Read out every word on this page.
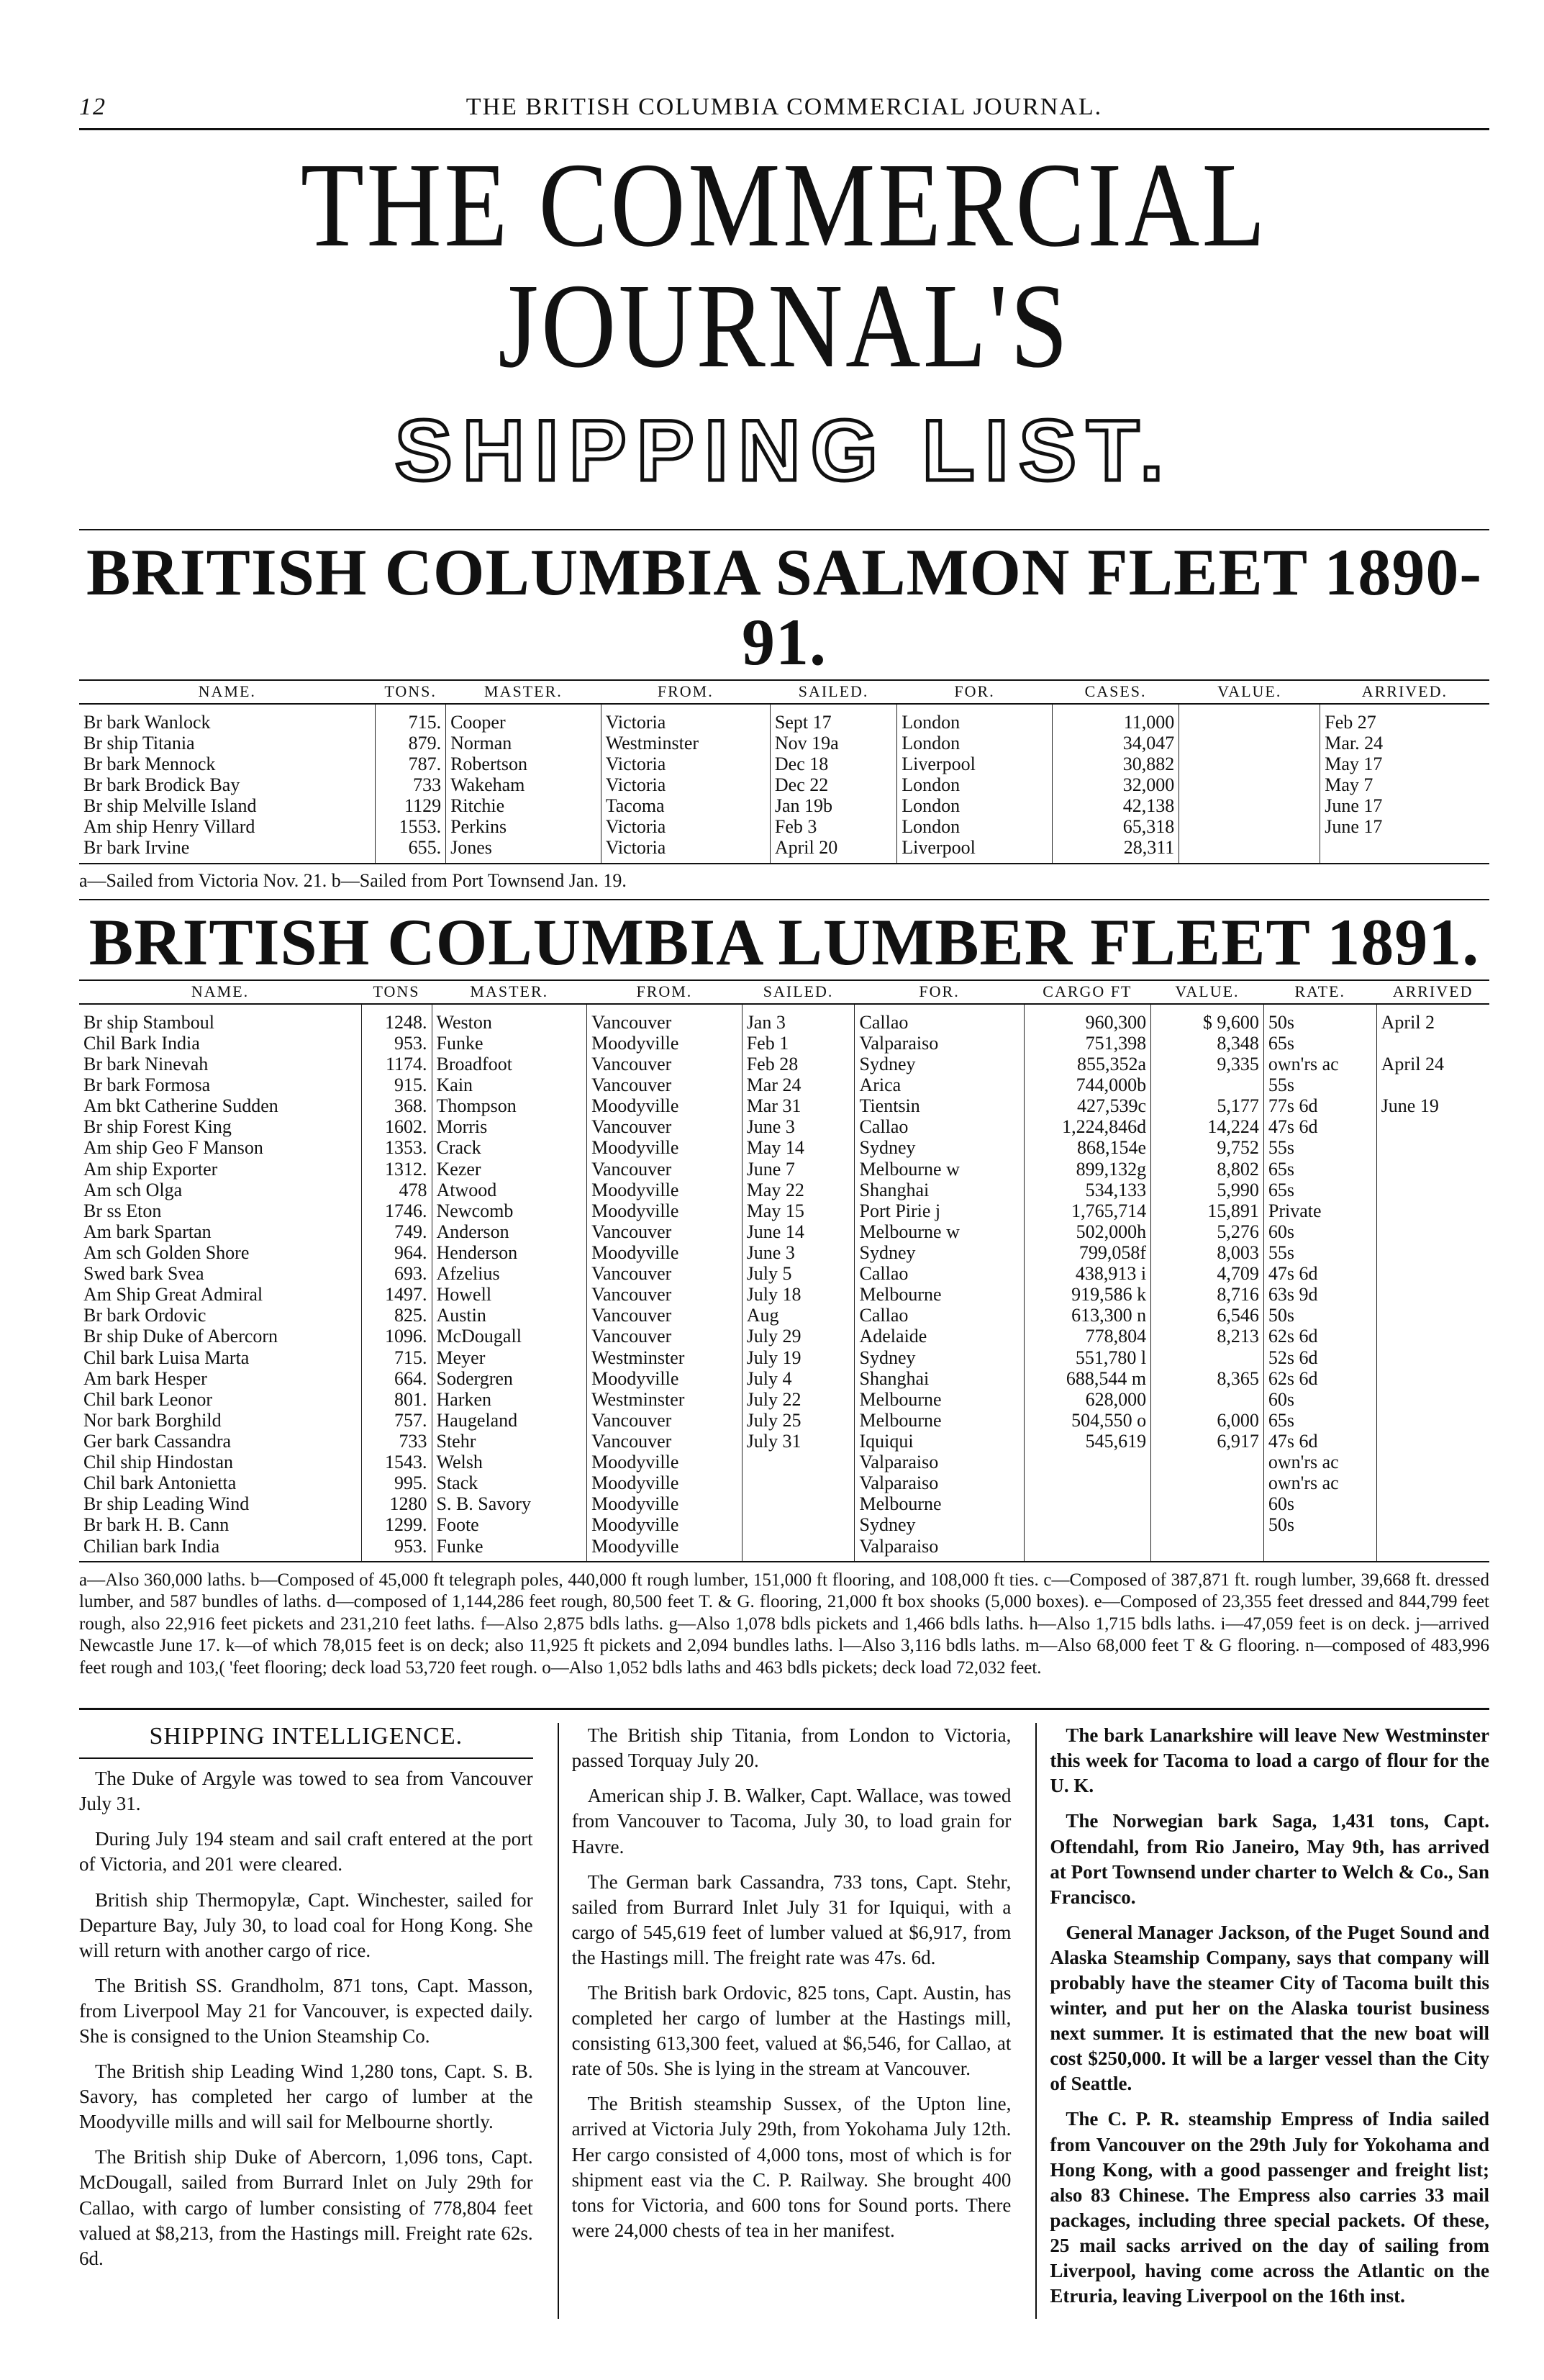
12	THE BRITISH COLUMBIA COMMERCIAL JOURNAL.
THE COMMERCIAL JOURNAL'S
SHIPPING LIST.
BRITISH COLUMBIA SALMON FLEET 1890-91.
NAME.	TONS.	MASTER.	FROM.	SAILED.	FOR.	CASES.	VALUE.	ARRIVED.
Br bark Wanlock	715.	Cooper	Victoria	Sept 17	London	11,000		Feb 27
Br ship Titania	879.	Norman	Westminster	Nov 19a	London	34,047		Mar. 24
Br bark Mennock	787.	Robertson	Victoria	Dec 18	Liverpool	30,882		May 17
Br bark Brodick Bay	733	Wakeham	Victoria	Dec 22	London	32,000		May 7
Br ship Melville Island	1129	Ritchie	Tacoma	Jan 19b	London	42,138		June 17
Am ship Henry Villard	1553.	Perkins	Victoria	Feb 3	London	65,318		June 17
Br bark Irvine	655.	Jones	Victoria	April 20	Liverpool	28,311		
a—Sailed from Victoria Nov. 21. b—Sailed from Port Townsend Jan. 19.
BRITISH COLUMBIA LUMBER FLEET 1891.
NAME.	TONS	MASTER.	FROM.	SAILED.	FOR.	CARGO FT	VALUE.	RATE.	ARRIVED
Br ship Stamboul	1248.	Weston	Vancouver	Jan 3	Callao	960,300	$ 9,600	50s	April 2
Chil Bark India	953.	Funke	Moodyville	Feb 1	Valparaiso	751,398	8,348	65s	
Br bark Ninevah	1174.	Broadfoot	Vancouver	Feb 28	Sydney	855,352a	9,335	own'rs ac	April 24
Br bark Formosa	915.	Kain	Vancouver	Mar 24	Arica	744,000b		55s	
Am bkt Catherine Sudden	368.	Thompson	Moodyville	Mar 31	Tientsin	427,539c	5,177	77s 6d	June 19
Br ship Forest King	1602.	Morris	Vancouver	June 3	Callao	1,224,846d	14,224	47s 6d	
Am ship Geo F Manson	1353.	Crack	Moodyville	May 14	Sydney	868,154e	9,752	55s	
Am ship Exporter	1312.	Kezer	Vancouver	June 7	Melbourne w	899,132g	8,802	65s	
Am sch Olga	478	Atwood	Moodyville	May 22	Shanghai	534,133	5,990	65s	
Br ss Eton	1746.	Newcomb	Moodyville	May 15	Port Pirie j	1,765,714	15,891	Private	
Am bark Spartan	749.	Anderson	Vancouver	June 14	Melbourne w	502,000h	5,276	60s	
Am sch Golden Shore	964.	Henderson	Moodyville	June 3	Sydney	799,058f	8,003	55s	
Swed bark Svea	693.	Afzelius	Vancouver	July 5	Callao	438,913 i	4,709	47s 6d	
Am Ship Great Admiral	1497.	Howell	Vancouver	July 18	Melbourne	919,586 k	8,716	63s 9d	
Br bark Ordovic	825.	Austin	Vancouver	Aug	Callao	613,300 n	6,546	50s	
Br ship Duke of Abercorn	1096.	McDougall	Vancouver	July 29	Adelaide	778,804	8,213	62s 6d	
Chil bark Luisa Marta	715.	Meyer	Westminster	July 19	Sydney	551,780 l		52s 6d	
Am bark Hesper	664.	Sodergren	Moodyville	July 4	Shanghai	688,544 m	8,365	62s 6d	
Chil bark Leonor	801.	Harken	Westminster	July 22	Melbourne	628,000		60s	
Nor bark Borghild	757.	Haugeland	Vancouver	July 25	Melbourne	504,550 o	6,000	65s	
Ger bark Cassandra	733	Stehr	Vancouver	July 31	Iquiqui	545,619	6,917	47s 6d	
Chil ship Hindostan	1543.	Welsh	Moodyville		Valparaiso			own'rs ac	
Chil bark Antonietta	995.	Stack	Moodyville		Valparaiso			own'rs ac	
Br ship Leading Wind	1280	S. B. Savory	Moodyville		Melbourne			60s	
Br bark H. B. Cann	1299.	Foote	Moodyville		Sydney			50s	
Chilian bark India	953.	Funke	Moodyville		Valparaiso				
a—Also 360,000 laths. b—Composed of 45,000 ft telegraph poles, 440,000 ft rough lumber, 151,000 ft flooring, and 108,000 ft ties. c—Composed of 387,871 ft. rough lumber, 39,668 ft. dressed lumber, and 587 bundles of laths. d—composed of 1,144,286 feet rough, 80,500 feet T. & G. flooring, 21,000 ft box shooks (5,000 boxes). e—Composed of 23,355 feet dressed and 844,799 feet rough, also 22,916 feet pickets and 231,210 feet laths. f—Also 2,875 bdls laths. g—Also 1,078 bdls pickets and 1,466 bdls laths. h—Also 1,715 bdls laths. i—47,059 feet is on deck. j—arrived Newcastle June 17. k—of which 78,015 feet is on deck; also 11,925 ft pickets and 2,094 bundles laths. l—Also 3,116 bdls laths. m—Also 68,000 feet T & G flooring. n—composed of 483,996 feet rough and 103,( 'feet flooring; deck load 53,720 feet rough. o—Also 1,052 bdls laths and 463 bdls pickets; deck load 72,032 feet.
SHIPPING INTELLIGENCE.

The Duke of Argyle was towed to sea from Vancouver July 31.

During July 194 steam and sail craft entered at the port of Victoria, and 201 were cleared.

British ship Thermopylæ, Capt. Winchester, sailed for Departure Bay, July 30, to load coal for Hong Kong. She will return with another cargo of rice.

The British SS. Grandholm, 871 tons, Capt. Masson, from Liverpool May 21 for Vancouver, is expected daily. She is consigned to the Union Steamship Co.

The British ship Leading Wind 1,280 tons, Capt. S. B. Savory, has completed her cargo of lumber at the Moodyville mills and will sail for Melbourne shortly.

The British ship Duke of Abercorn, 1,096 tons, Capt. McDougall, sailed from Burrard Inlet on July 29th for Callao, with cargo of lumber consisting of 778,804 feet valued at $8,213, from the Hastings mill. Freight rate 62s. 6d.

The British ship Titania, from London to Victoria, passed Torquay July 20.

American ship J. B. Walker, Capt. Wallace, was towed from Vancouver to Tacoma, July 30, to load grain for Havre.

The German bark Cassandra, 733 tons, Capt. Stehr, sailed from Burrard Inlet July 31 for Iquiqui, with a cargo of 545,619 feet of lumber valued at $6,917, from the Hastings mill. The freight rate was 47s. 6d.

The British bark Ordovic, 825 tons, Capt. Austin, has completed her cargo of lumber at the Hastings mill, consisting 613,300 feet, valued at $6,546, for Callao, at rate of 50s. She is lying in the stream at Vancouver.

The British steamship Sussex, of the Upton line, arrived at Victoria July 29th, from Yokohama July 12th. Her cargo consisted of 4,000 tons, most of which is for shipment east via the C. P. Railway. She brought 400 tons for Victoria, and 600 tons for Sound ports. There were 24,000 chests of tea in her manifest.

The bark Lanarkshire will leave New Westminster this week for Tacoma to load a cargo of flour for the U. K.

The Norwegian bark Saga, 1,431 tons, Capt. Oftendahl, from Rio Janeiro, May 9th, has arrived at Port Townsend under charter to Welch & Co., San Francisco.

General Manager Jackson, of the Puget Sound and Alaska Steamship Company, says that company will probably have the steamer City of Tacoma built this winter, and put her on the Alaska tourist business next summer. It is estimated that the new boat will cost $250,000. It will be a larger vessel than the City of Seattle.

The C. P. R. steamship Empress of India sailed from Vancouver on the 29th July for Yokohama and Hong Kong, with a good passenger and freight list; also 83 Chinese. The Empress also carries 33 mail packages, including three special packets. Of these, 25 mail sacks arrived on the day of sailing from Liverpool, having come across the Atlantic on the Etruria, leaving Liverpool on the 16th inst.
